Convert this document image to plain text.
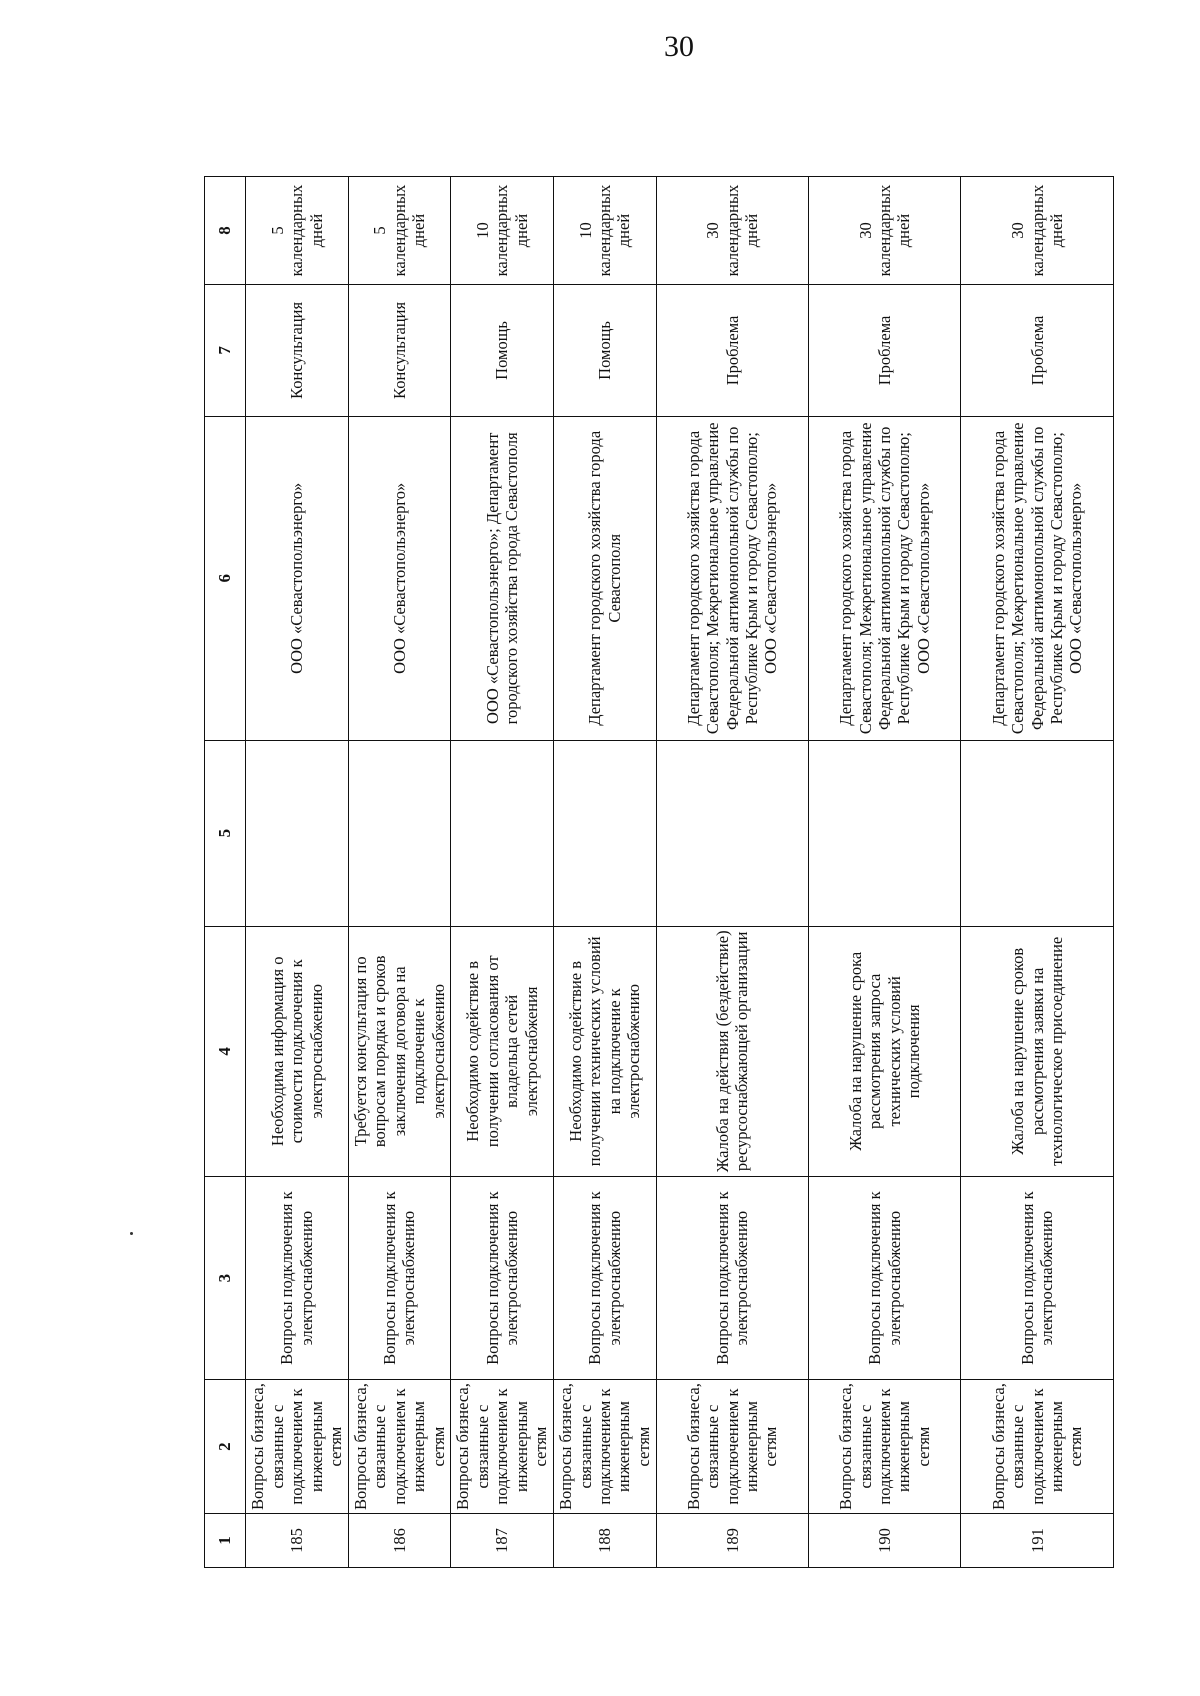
30
1	2	3	4	5	6	7	8
185	Вопросы бизнеса, связанные с подключением к инженерным сетям	Вопросы подключения к электроснабжению	Необходима информация о стоимости подключения к электроснабжению		ООО «Севастопольэнерго»	Консультация	5 календарных дней
186	Вопросы бизнеса, связанные с подключением к инженерным сетям	Вопросы подключения к электроснабжению	Требуется консультация по вопросам порядка и сроков заключения договора на подключение к электроснабжению		ООО «Севастопольэнерго»	Консультация	5 календарных дней
187	Вопросы бизнеса, связанные с подключением к инженерным сетям	Вопросы подключения к электроснабжению	Необходимо содействие в получении согласования от владельца сетей электроснабжения		ООО «Севастопольэнерго»; Департамент городского хозяйства города Севастополя	Помощь	10 календарных дней
188	Вопросы бизнеса, связанные с подключением к инженерным сетям	Вопросы подключения к электроснабжению	Необходимо содействие в получении технических условий на подключение к электроснабжению		Департамент городского хозяйства города Севастополя	Помощь	10 календарных дней
189	Вопросы бизнеса, связанные с подключением к инженерным сетям	Вопросы подключения к электроснабжению	Жалоба на действия (бездействие) ресурсоснабжающей организации		Департамент городского хозяйства города Севастополя; Межрегиональное управление Федеральной антимонопольной службы по Республике Крым и городу Севастополю; ООО «Севастопольэнерго»	Проблема	30 календарных дней
190	Вопросы бизнеса, связанные с подключением к инженерным сетям	Вопросы подключения к электроснабжению	Жалоба на нарушение срока рассмотрения запроса технических условий подключения		Департамент городского хозяйства города Севастополя; Межрегиональное управление Федеральной антимонопольной службы по Республике Крым и городу Севастополю; ООО «Севастопольэнерго»	Проблема	30 календарных дней
191	Вопросы бизнеса, связанные с подключением к инженерным сетям	Вопросы подключения к электроснабжению	Жалоба на нарушение сроков рассмотрения заявки на технологическое присоединение		Департамент городского хозяйства города Севастополя; Межрегиональное управление Федеральной антимонопольной службы по Республике Крым и городу Севастополю; ООО «Севастопольэнерго»	Проблема	30 календарных дней
